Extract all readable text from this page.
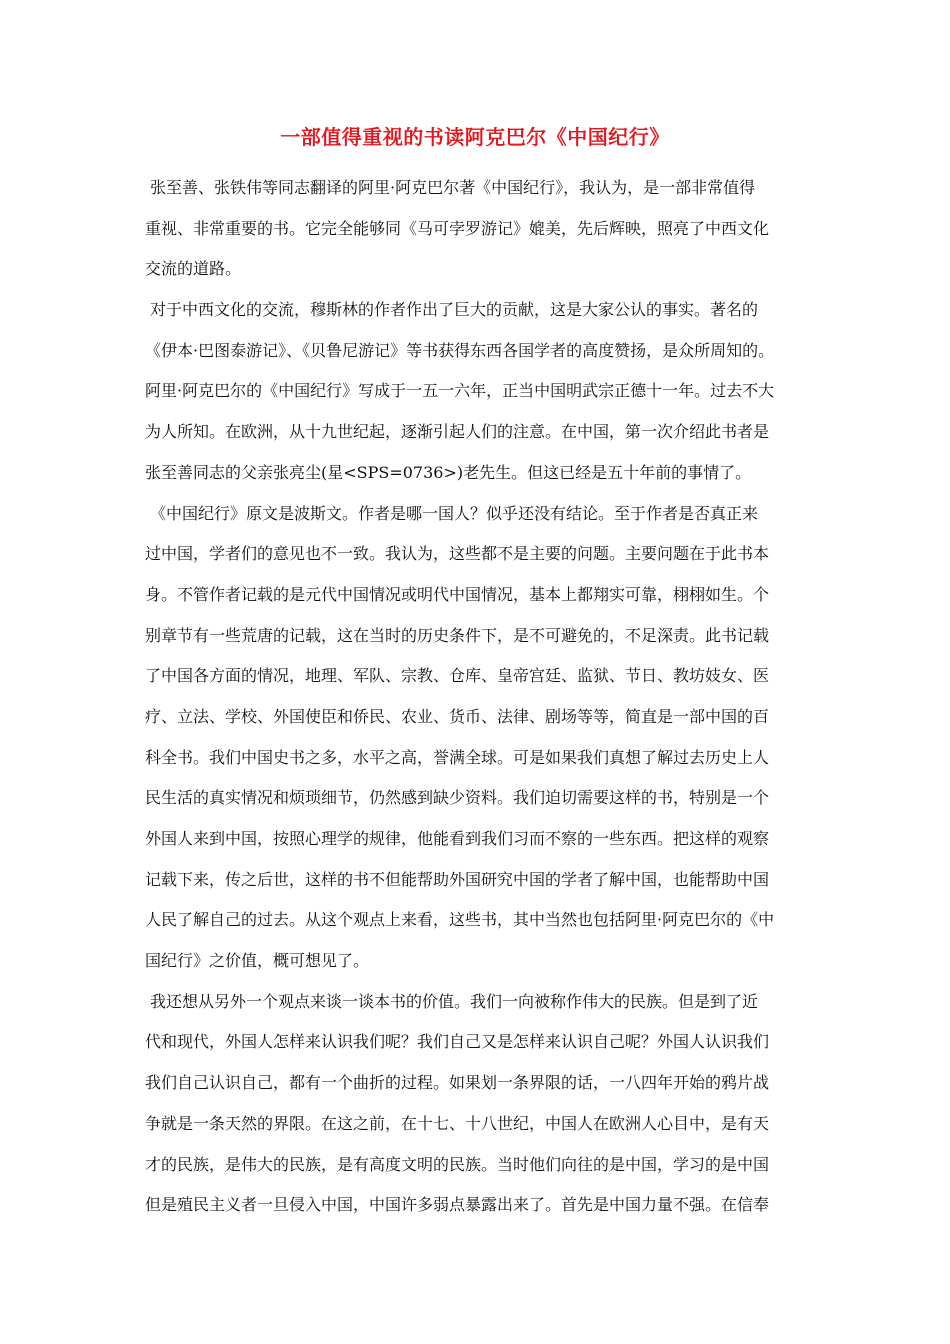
一部值得重视的书读阿克巴尔《中国纪行》
张至善、张铁伟等同志翻译的阿里·阿克巴尔著《中国纪行》，我认为，是一部非常值得
重视、非常重要的书。它完全能够同《马可孛罗游记》媲美，先后辉映，照亮了中西文化
交流的道路。
对于中西文化的交流，穆斯林的作者作出了巨大的贡献，这是大家公认的事实。著名的
《伊本·巴图泰游记》、《贝鲁尼游记》等书获得东西各国学者的高度赞扬，是众所周知的。
阿里·阿克巴尔的《中国纪行》写成于一五一六年，正当中国明武宗正德十一年。过去不大
为人所知。在欧洲，从十九世纪起，逐渐引起人们的注意。在中国，第一次介绍此书者是
张至善同志的父亲张亮尘(星<SPS=0736>)老先生。但这已经是五十年前的事情了。
《中国纪行》原文是波斯文。作者是哪一国人？似乎还没有结论。至于作者是否真正来
过中国，学者们的意见也不一致。我认为，这些都不是主要的问题。主要问题在于此书本
身。不管作者记载的是元代中国情况或明代中国情况，基本上都翔实可靠，栩栩如生。个
别章节有一些荒唐的记载，这在当时的历史条件下，是不可避免的，不足深责。此书记载
了中国各方面的情况，地理、军队、宗教、仓库、皇帝宫廷、监狱、节日、教坊妓女、医
疗、立法、学校、外国使臣和侨民、农业、货币、法律、剧场等等，简直是一部中国的百
科全书。我们中国史书之多，水平之高，誉满全球。可是如果我们真想了解过去历史上人
民生活的真实情况和烦琐细节，仍然感到缺少资料。我们迫切需要这样的书，特别是一个
外国人来到中国，按照心理学的规律，他能看到我们习而不察的一些东西。把这样的观察
记载下来，传之后世，这样的书不但能帮助外国研究中国的学者了解中国，也能帮助中国
人民了解自己的过去。从这个观点上来看，这些书，其中当然也包括阿里·阿克巴尔的《中
国纪行》之价值，概可想见了。
我还想从另外一个观点来谈一谈本书的价值。我们一向被称作伟大的民族。但是到了近
代和现代，外国人怎样来认识我们呢？我们自己又是怎样来认识自己呢？外国人认识我们
我们自己认识自己，都有一个曲折的过程。如果划一条界限的话，一八四年开始的鸦片战
争就是一条天然的界限。在这之前，在十七、十八世纪，中国人在欧洲人心目中，是有天
才的民族，是伟大的民族，是有高度文明的民族。当时他们向往的是中国，学习的是中国
但是殖民主义者一旦侵入中国，中国许多弱点暴露出来了。首先是中国力量不强。在信奉
